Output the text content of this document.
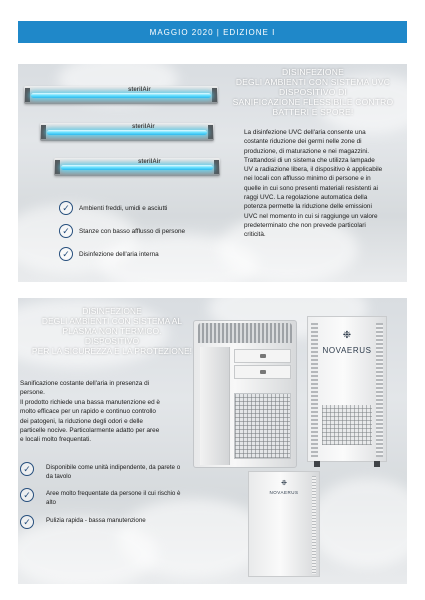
MAGGIO 2020 | EDIZIONE I
sterilAir
sterilAir
sterilAir
DISINFEZIONE
DEGLI AMBIENTI CON SISTEMA UVC
DISPOSITIVO DI
SANIFICAZIONE FLESSIBILE CONTRO
BATTERI E SPORE!
La disinfezione UVC dell'aria consente una
costante riduzione dei germi nelle zone di
produzione, di maturazione e nei magazzini.
Trattandosi di un sistema che utilizza lampade
UV a radiazione libera, il dispositivo è applicabile
nei locali con afflusso minimo di persone e in
quelle in cui sono presenti materiali resistenti ai
raggi UVC. La regolazione automatica della
potenza permette la riduzione delle emissioni
UVC nel momento in cui si raggiunge un valore
predeterminato che non prevede particolari
criticità.
✓	Ambienti freddi, umidi e asciutti
✓	Stanze con basso afflusso di persone
✓	Disinfezione dell'aria interna
DISINFEZIONE
DEGLI AMBIENTI CON SISTEMA AL
PLASMA NON TERMICO.
DISPOSITIVO
PER LA SICUREZZA E LA PROTEZIONE!
Sanificazione costante dell'aria in presenza di
persone.
Il prodotto richiede una bassa manutenzione ed è
molto efficace per un rapido e continuo controllo
dei patogeni, la riduzione degli odori e delle
particelle nocive. Particolarmente adatto per aree
e locali molto frequentati.
✓	Disponibile come unità indipendente, da parete o da tavolo
✓	Aree molto frequentate da persone il cui rischio è alto
✓	Pulizia rapida - bassa manutenzione
❉
NOVAERUS
❉
NOVAERUS
